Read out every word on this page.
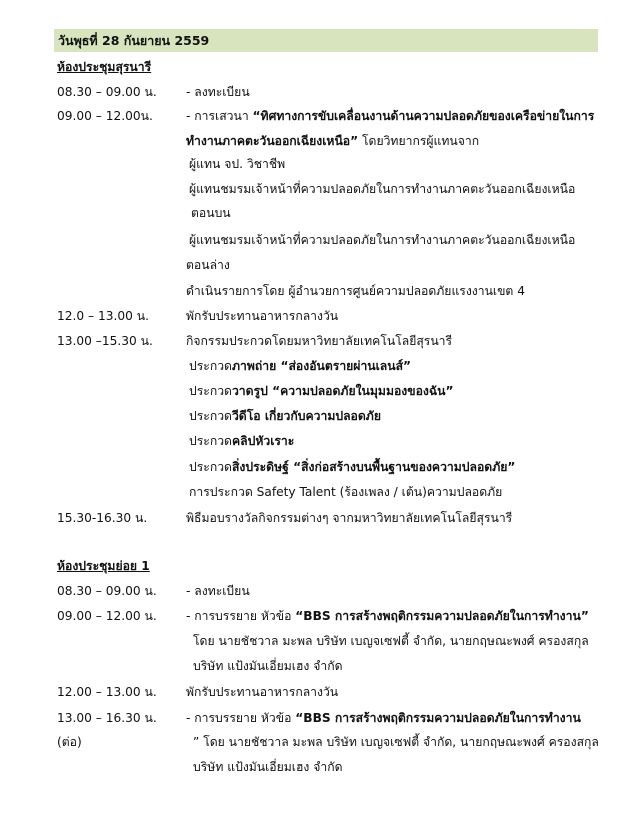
วันพุธที่ 28 กันยายน 2559
ห้องประชุมสุรนารี
08.30 – 09.00 น. - ลงทะเบียน
09.00 – 12.00น.	- การเสวนา “ทิศทางการขับเคลื่อนงานด้านความปลอดภัยของเครือข่ายในการ
ทำงานภาคตะวันออกเฉียงเหนือ” โดยวิทยากรผู้แทนจาก
ผู้แทน จป. วิชาชีพ
ผู้แทนชมรมเจ้าหน้าที่ความปลอดภัยในการทำงานภาคตะวันออกเฉียงเหนือ
ตอนบน
ผู้แทนชมรมเจ้าหน้าที่ความปลอดภัยในการทำงานภาคตะวันออกเฉียงเหนือ
ตอนล่าง
ดำเนินรายการโดย ผู้อำนวยการศูนย์ความปลอดภัยแรงงานเขต 4
12.0 – 13.00 น.	พักรับประทานอาหารกลางวัน
13.00 –15.30 น.	กิจกรรมประกวดโดยมหาวิทยาลัยเทคโนโลยีสุรนารี
ประกวดภาพถ่าย “ส่องอันตรายผ่านเลนส์”
ประกวดวาดรูป “ความปลอดภัยในมุมมองของฉัน”
ประกวดวีดีโอ เกี่ยวกับความปลอดภัย
ประกวดคลิปหัวเราะ
ประกวดสิ่งประดิษฐ์ “สิ่งก่อสร้างบนพื้นฐานของความปลอดภัย”
การประกวด Safety Talent (ร้องเพลง / เต้น)ความปลอดภัย
15.30-16.30 น.	พิธีมอบรางวัลกิจกรรมต่างๆ จากมหาวิทยาลัยเทคโนโลยีสุรนารี
ห้องประชุมย่อย 1
08.30 – 09.00 น. - ลงทะเบียน
09.00 – 12.00 น. - การบรรยาย หัวข้อ “BBS การสร้างพฤติกรรมความปลอดภัยในการทำงาน”
โดย นายชัชวาล มะพล บริษัท เบญจเซฟตี้ จำกัด, นายกฤษณะพงศ์ ครองสกุล
บริษัท แป้งมันเอี่ยมเฮง จำกัด
12.00 – 13.00 น. พักรับประทานอาหารกลางวัน
13.00 – 16.30 น. - การบรรยาย หัวข้อ “BBS การสร้างพฤติกรรมความปลอดภัยในการทำงาน
(ต่อ)	” โดย นายชัชวาล มะพล บริษัท เบญจเซฟตี้ จำกัด, นายกฤษณะพงศ์ ครองสกุล
บริษัท แป้งมันเอี่ยมเฮง จำกัด
